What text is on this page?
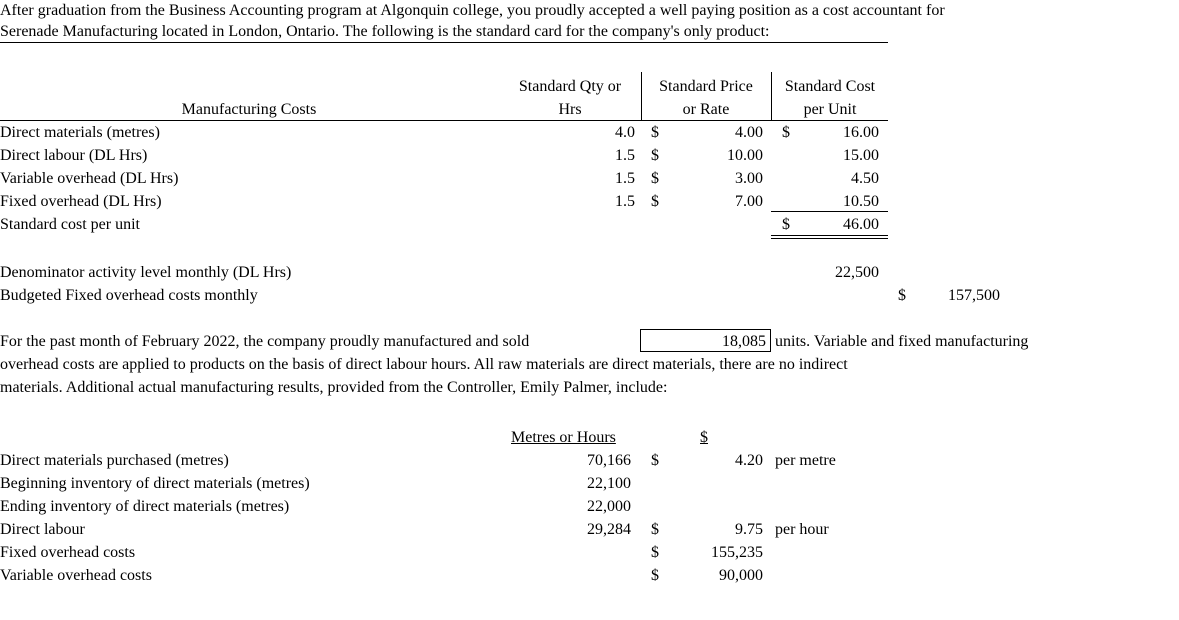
After graduation from the Business Accounting program at Algonquin college, you proudly accepted a well paying position as a cost accountant for
Serenade Manufacturing located in London, Ontario. The following is the standard card for the company's only product:
Standard Qty or
Hrs
Standard Price
or Rate
Standard Cost
per Unit
Manufacturing Costs
Direct materials (metres)	4.0 $	4.00 $	16.00
Direct labour (DL Hrs)	1.5 $	10.00	15.00
Variable overhead (DL Hrs)	1.5 $	3.00	4.50
Fixed overhead (DL Hrs)	1.5 $	7.00	10.50
Standard cost per unit	$	46.00
Denominator activity level monthly (DL Hrs)	22,500
Budgeted Fixed overhead costs monthly	$	157,500
For the past month of February 2022, the company proudly manufactured and sold	18,085 units. Variable and fixed manufacturing
overhead costs are applied to products on the basis of direct labour hours. All raw materials are direct materials, there are no indirect
materials. Additional actual manufacturing results, provided from the Controller, Emily Palmer, include:
Metres or Hours	$
Direct materials purchased (metres)	70,166 $	4.20 per metre
Beginning inventory of direct materials (metres)	22,100
Ending inventory of direct materials (metres)	22,000
Direct labour	29,284 $	9.75 per hour
Fixed overhead costs	$	155,235
Variable overhead costs	$	90,000
